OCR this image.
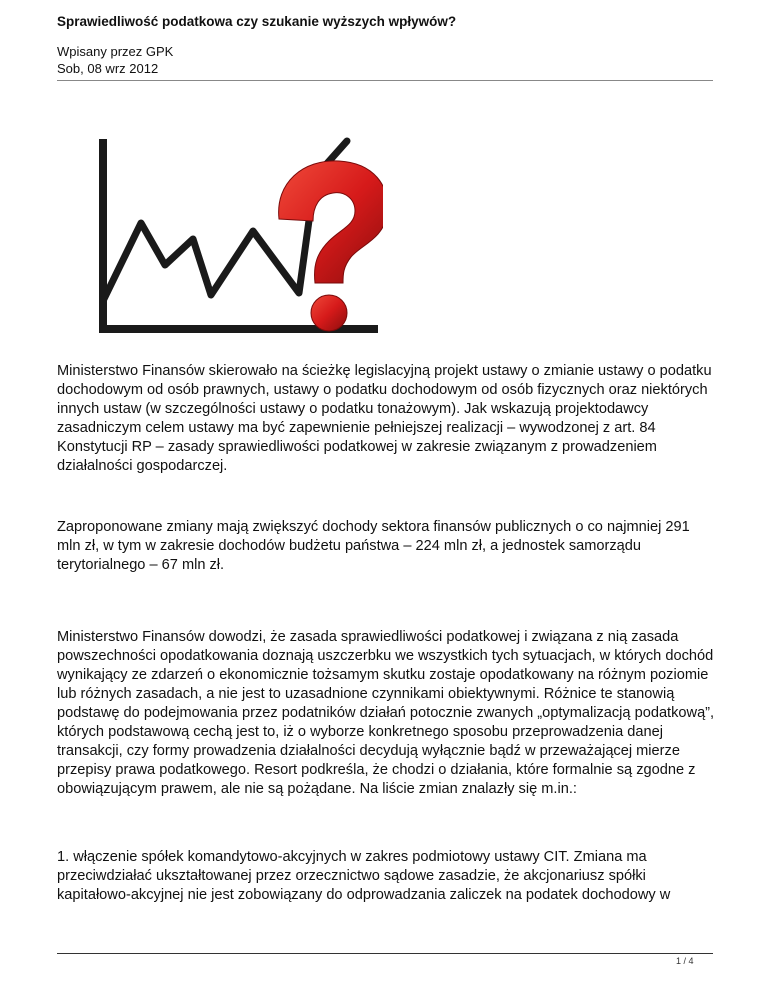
Sprawiedliwość podatkowa czy szukanie wyższych wpływów?
Wpisany przez GPK
Sob, 08 wrz 2012

Ministerstwo Finansów skierowało na ścieżkę legislacyjną projekt ustawy o zmianie ustawy o podatku dochodowym od osób prawnych, ustawy o podatku dochodowym od osób fizycznych oraz niektórych innych ustaw (w szczególności ustawy o podatku tonażowym). Jak wskazują projektodawcy zasadniczym celem ustawy ma być zapewnienie pełniejszej realizacji – wywodzonej z art. 84 Konstytucji RP – zasady sprawiedliwości podatkowej w zakresie związanym z prowadzeniem działalności gospodarczej.

Zaproponowane zmiany mają zwiększyć dochody sektora finansów publicznych o co najmniej 291 mln zł, w tym w zakresie dochodów budżetu państwa – 224 mln zł, a jednostek samorządu terytorialnego – 67 mln zł.

Ministerstwo Finansów dowodzi, że zasada sprawiedliwości podatkowej i związana z nią zasada powszechności opodatkowania doznają uszczerbku we wszystkich tych sytuacjach, w których dochód wynikający ze zdarzeń o ekonomicznie tożsamym skutku zostaje opodatkowany na różnym poziomie lub różnych zasadach, a nie jest to uzasadnione czynnikami obiektywnymi. Różnice te stanowią podstawę do podejmowania przez podatników działań potocznie zwanych „optymalizacją podatkową”, których podstawową cechą jest to, iż o wyborze konkretnego sposobu przeprowadzenia danej transakcji, czy formy prowadzenia działalności decydują wyłącznie bądź w przeważającej mierze przepisy prawa podatkowego. Resort podkreśla, że chodzi o działania, które formalnie są zgodne z obowiązującym prawem, ale nie są pożądane. Na liście zmian znalazły się m.in.:

1. włączenie spółek komandytowo-akcyjnych w zakres podmiotowy ustawy CIT. Zmiana ma przeciwdziałać ukształtowanej przez orzecznictwo sądowe zasadzie, że akcjonariusz spółki kapitałowo-akcyjnej nie jest zobowiązany do odprowadzania zaliczek na podatek dochodowy w

1 / 4
